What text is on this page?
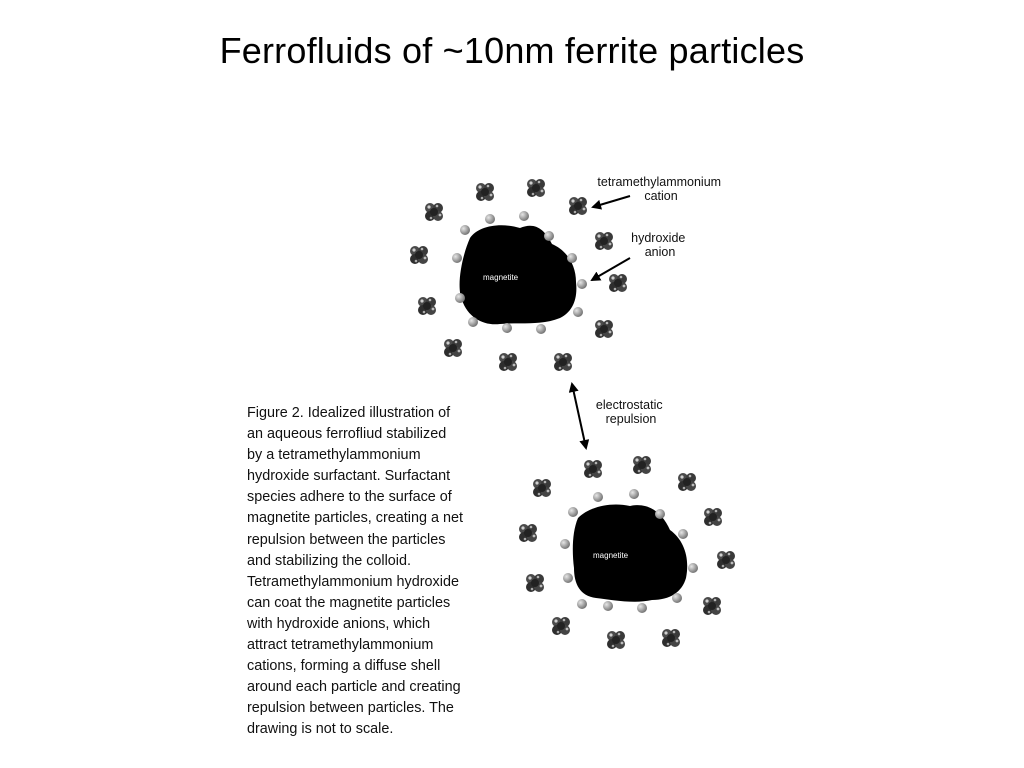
Ferrofluids of ~10nm ferrite particles
magnetite
magnetite
tetramethylammonium cation
hydroxide anion
electrostatic repulsion
Figure 2. Idealized illustration of
an aqueous ferrofliud stabilized
by a tetramethylammonium
hydroxide surfactant. Surfactant
species adhere to the surface of
magnetite particles, creating a net
repulsion between the particles
and stabilizing the colloid.
Tetramethylammonium hydroxide
can coat the magnetite particles
with hydroxide anions, which
attract tetramethylammonium
cations, forming a diffuse shell
around each particle and creating
repulsion between particles. The
drawing is not to scale.
